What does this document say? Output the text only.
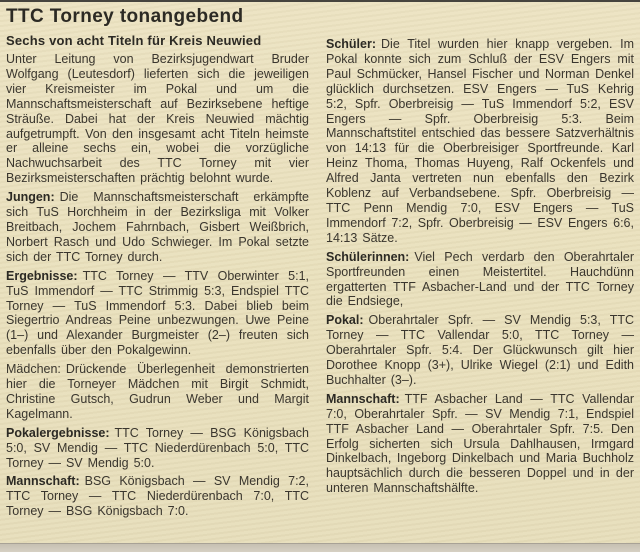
TTC Torney tonangebend
Sechs von acht Titeln für Kreis Neuwied

Unter Leitung von Bezirksjugendwart Bruder Wolfgang (Leutesdorf) lieferten sich die jeweiligen vier Kreismeister im Pokal und um die Mannschaftsmeisterschaft auf Bezirksebene heftige Sträuße. Dabei hat der Kreis Neuwied mächtig aufgetrumpft. Von den insgesamt acht Titeln heimste er alleine sechs ein, wobei die vorzügliche Nachwuchsarbeit des TTC Torney mit vier Bezirksmeisterschaften prächtig belohnt wurde.

Jungen: Die Mannschaftsmeisterschaft erkämpfte sich TuS Horchheim in der Bezirksliga mit Volker Breitbach, Jochem Fahrnbach, Gisbert Weißbrich, Norbert Rasch und Udo Schwieger. Im Pokal setzte sich der TTC Torney durch.

Ergebnisse: TTC Torney — TTV Oberwinter 5:1, TuS Immendorf — TTC Strimmig 5:3, Endspiel TTC Torney — TuS Immendorf 5:3. Dabei blieb beim Siegertrio Andreas Peine unbezwungen. Uwe Peine (1–) und Alexander Burgmeister (2–) freuten sich ebenfalls über den Pokalgewinn.

Mädchen: Drückende Überlegenheit demonstrierten hier die Torneyer Mädchen mit Birgit Schmidt, Christine Gutsch, Gudrun Weber und Margit Kagelmann.

Pokalergebnisse: TTC Torney — BSG Königsbach 5:0, SV Mendig — TTC Niederdürenbach 5:0, TTC Torney — SV Mendig 5:0.

Mannschaft: BSG Königsbach — SV Mendig 7:2, TTC Torney — TTC Niederdürenbach 7:0, TTC Torney — BSG Königsbach 7:0.

Schüler: Die Titel wurden hier knapp vergeben. Im Pokal konnte sich zum Schluß der ESV Engers mit Paul Schmücker, Hansel Fischer und Norman Denkel glücklich durchsetzen. ESV Engers — TuS Kehrig 5:2, Spfr. Oberbreisig — TuS Immendorf 5:2, ESV Engers — Spfr. Oberbreisig 5:3. Beim Mannschaftstitel entschied das bessere Satzverhältnis von 14:13 für die Oberbreisiger Sportfreunde. Karl Heinz Thoma, Thomas Huyeng, Ralf Ockenfels und Alfred Janta vertreten nun ebenfalls den Bezirk Koblenz auf Verbandsebene. Spfr. Oberbreisig — TTC Penn Mendig 7:0, ESV Engers — TuS Immendorf 7:2, Spfr. Oberbreisig — ESV Engers 6:6, 14:13 Sätze.

Schülerinnen: Viel Pech verdarb den Oberahrtaler Sportfreunden einen Meistertitel. Hauchdünn ergatterten TTF Asbacher-Land und der TTC Torney die Endsiege,

Pokal: Oberahrtaler Spfr. — SV Mendig 5:3, TTC Torney — TTC Vallendar 5:0, TTC Torney — Oberahrtaler Spfr. 5:4. Der Glückwunsch gilt hier Dorothee Knopp (3+), Ulrike Wiegel (2:1) und Edith Buchhalter (3–).

Mannschaft: TTF Asbacher Land — TTC Vallendar 7:0, Oberahrtaler Spfr. — SV Mendig 7:1, Endspiel TTF Asbacher Land — Oberahrtaler Spfr. 7:5. Den Erfolg sicherten sich Ursula Dahlhausen, Irmgard Dinkelbach, Ingeborg Dinkelbach und Maria Buchholz hauptsächlich durch die besseren Doppel und in der unteren Mannschaftshälfte.
